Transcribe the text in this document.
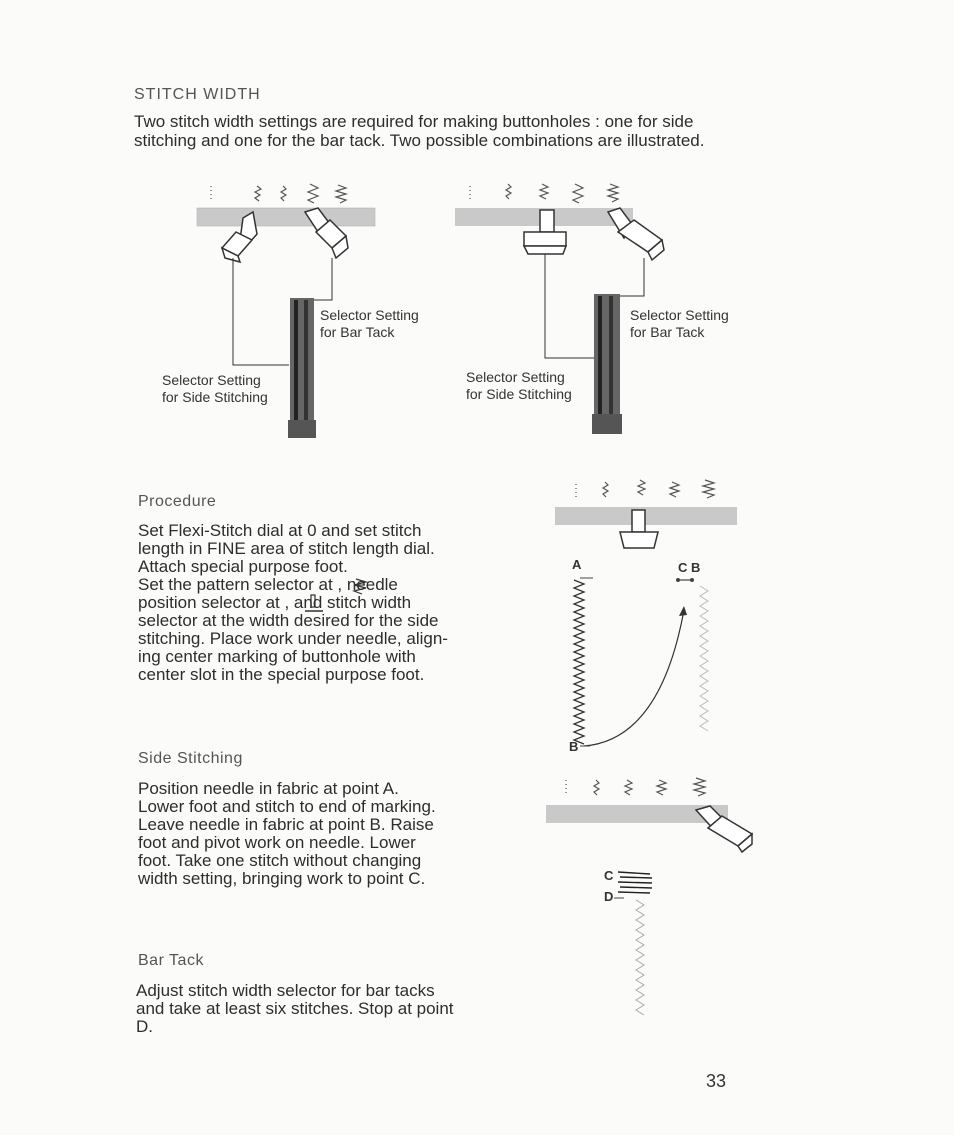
STITCH WIDTH
Two stitch width settings are required for making buttonholes : one for side
stitching and one for the bar tack. Two possible combinations are illustrated.
Selector Setting
for Bar Tack
Selector Setting
for Side Stitching
Selector Setting
for Bar Tack
Selector Setting
for Side Stitching
Procedure
Set Flexi-Stitch dial at 0 and set stitch
length in FINE area of stitch length dial.
Attach special purpose foot.
Set the pattern selector at , needle
position selector at , and stitch width
selector at the width desired for the side
stitching. Place work under needle, align-
ing center marking of buttonhole with
center slot in the special purpose foot.
Side Stitching
Position needle in fabric at point A.
Lower foot and stitch to end of marking.
Leave needle in fabric at point B. Raise
foot and pivot work on needle. Lower
foot. Take one stitch without changing
width setting, bringing work to point C.
Bar Tack
Adjust stitch width selector for bar tacks
and take at least six stitches. Stop at point
D.
A	C B
B
C
D
33
